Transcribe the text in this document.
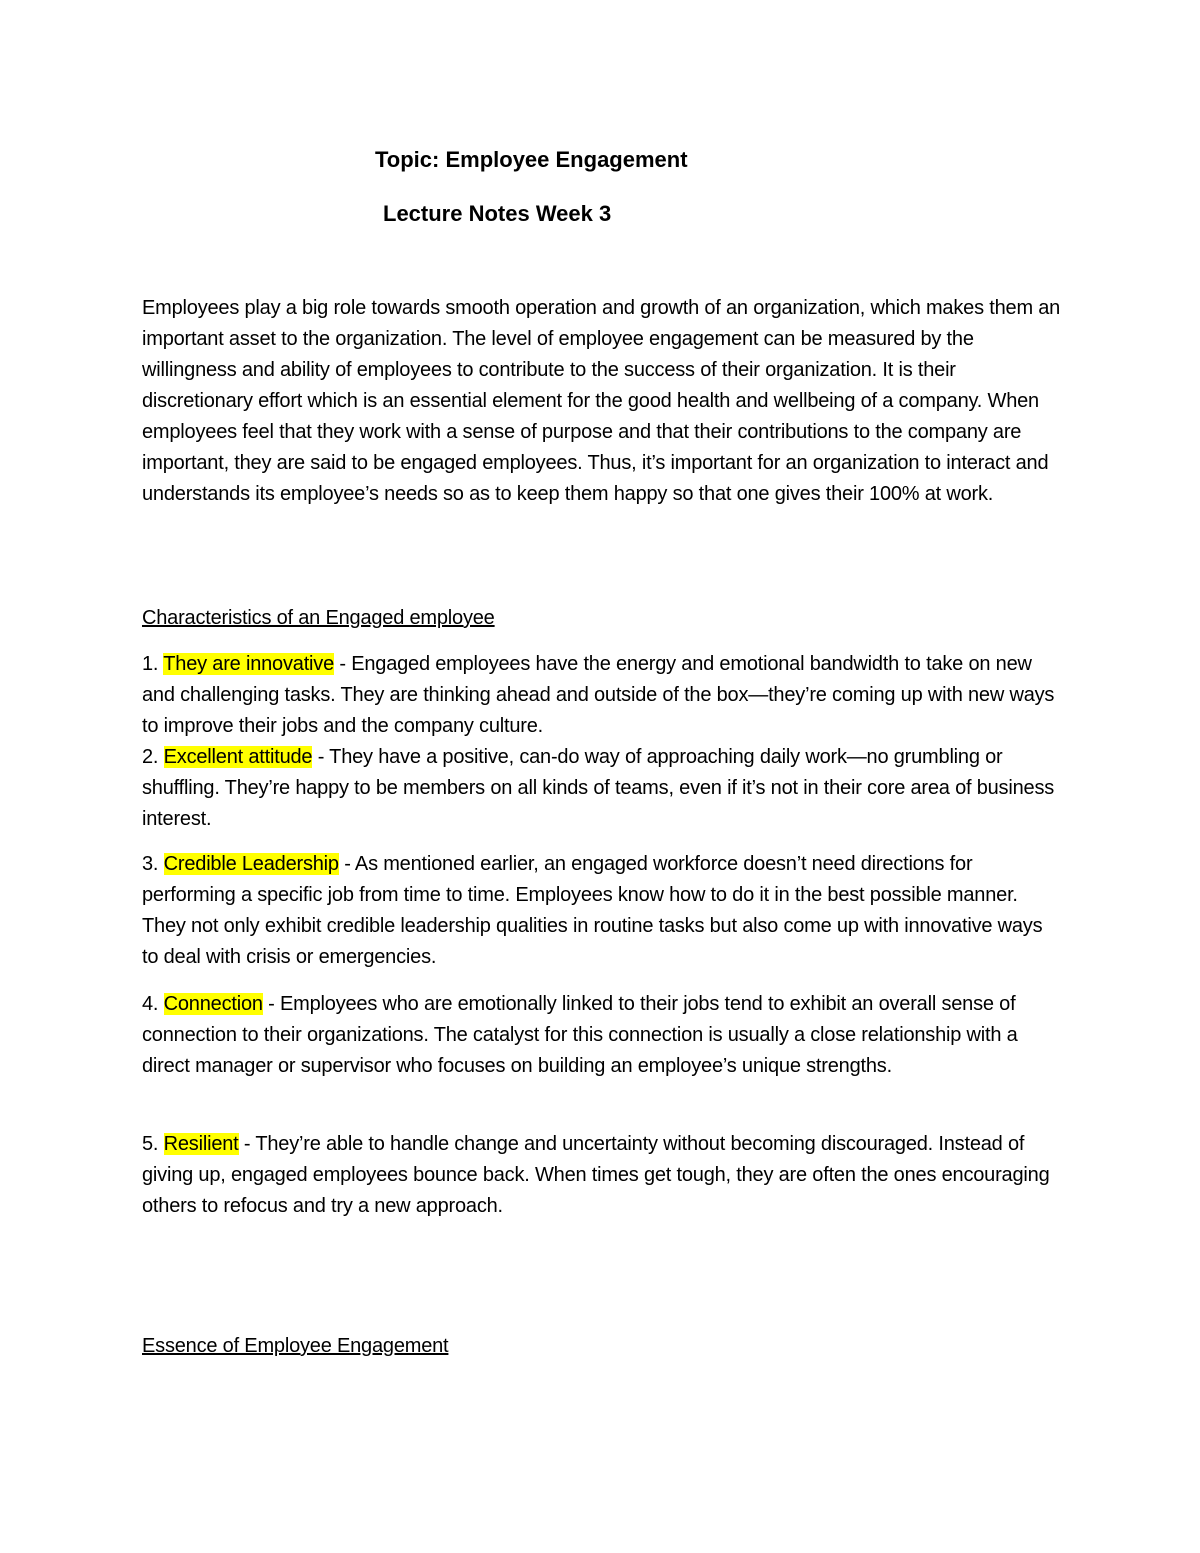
Topic: Employee Engagement
Lecture Notes Week 3

Employees play a big role towards smooth operation and growth of an organization, which makes them an important asset to the organization. The level of employee engagement can be measured by the willingness and ability of employees to contribute to the success of their organization. It is their discretionary effort which is an essential element for the good health and wellbeing of a company. When employees feel that they work with a sense of purpose and that their contributions to the company are important, they are said to be engaged employees. Thus, it’s important for an organization to interact and understands its employee’s needs so as to keep them happy so that one gives their 100% at work.

Characteristics of an Engaged employee

1. They are innovative - Engaged employees have the energy and emotional bandwidth to take on new and challenging tasks. They are thinking ahead and outside of the box—they’re coming up with new ways to improve their jobs and the company culture.

2. Excellent attitude - They have a positive, can-do way of approaching daily work—no grumbling or shuffling. They’re happy to be members on all kinds of teams, even if it’s not in their core area of business interest.

3. Credible Leadership - As mentioned earlier, an engaged workforce doesn’t need directions for performing a specific job from time to time. Employees know how to do it in the best possible manner. They not only exhibit credible leadership qualities in routine tasks but also come up with innovative ways to deal with crisis or emergencies.

4. Connection - Employees who are emotionally linked to their jobs tend to exhibit an overall sense of connection to their organizations. The catalyst for this connection is usually a close relationship with a direct manager or supervisor who focuses on building an employee’s unique strengths.

5. Resilient - They’re able to handle change and uncertainty without becoming discouraged. Instead of giving up, engaged employees bounce back. When times get tough, they are often the ones encouraging others to refocus and try a new approach.

Essence of Employee Engagement
